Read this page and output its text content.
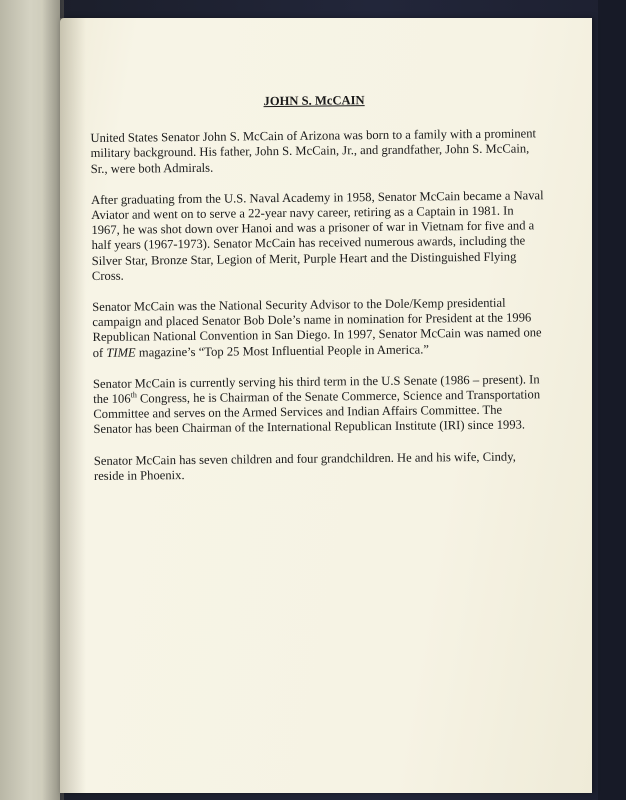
JOHN S. McCAIN
United States Senator John S. McCain of Arizona was born to a family with a prominent
military background. His father, John S. McCain, Jr., and grandfather, John S. McCain,
Sr., were both Admirals.
After graduating from the U.S. Naval Academy in 1958, Senator McCain became a Naval
Aviator and went on to serve a 22-year navy career, retiring as a Captain in 1981. In
1967, he was shot down over Hanoi and was a prisoner of war in Vietnam for five and a
half years (1967-1973). Senator McCain has received numerous awards, including the
Silver Star, Bronze Star, Legion of Merit, Purple Heart and the Distinguished Flying
Cross.
Senator McCain was the National Security Advisor to the Dole/Kemp presidential
campaign and placed Senator Bob Dole’s name in nomination for President at the 1996
Republican National Convention in San Diego. In 1997, Senator McCain was named one
of TIME magazine’s “Top 25 Most Influential People in America.”
Senator McCain is currently serving his third term in the U.S Senate (1986 – present). In
the 106th Congress, he is Chairman of the Senate Commerce, Science and Transportation
Committee and serves on the Armed Services and Indian Affairs Committee. The
Senator has been Chairman of the International Republican Institute (IRI) since 1993.
Senator McCain has seven children and four grandchildren. He and his wife, Cindy,
reside in Phoenix.
